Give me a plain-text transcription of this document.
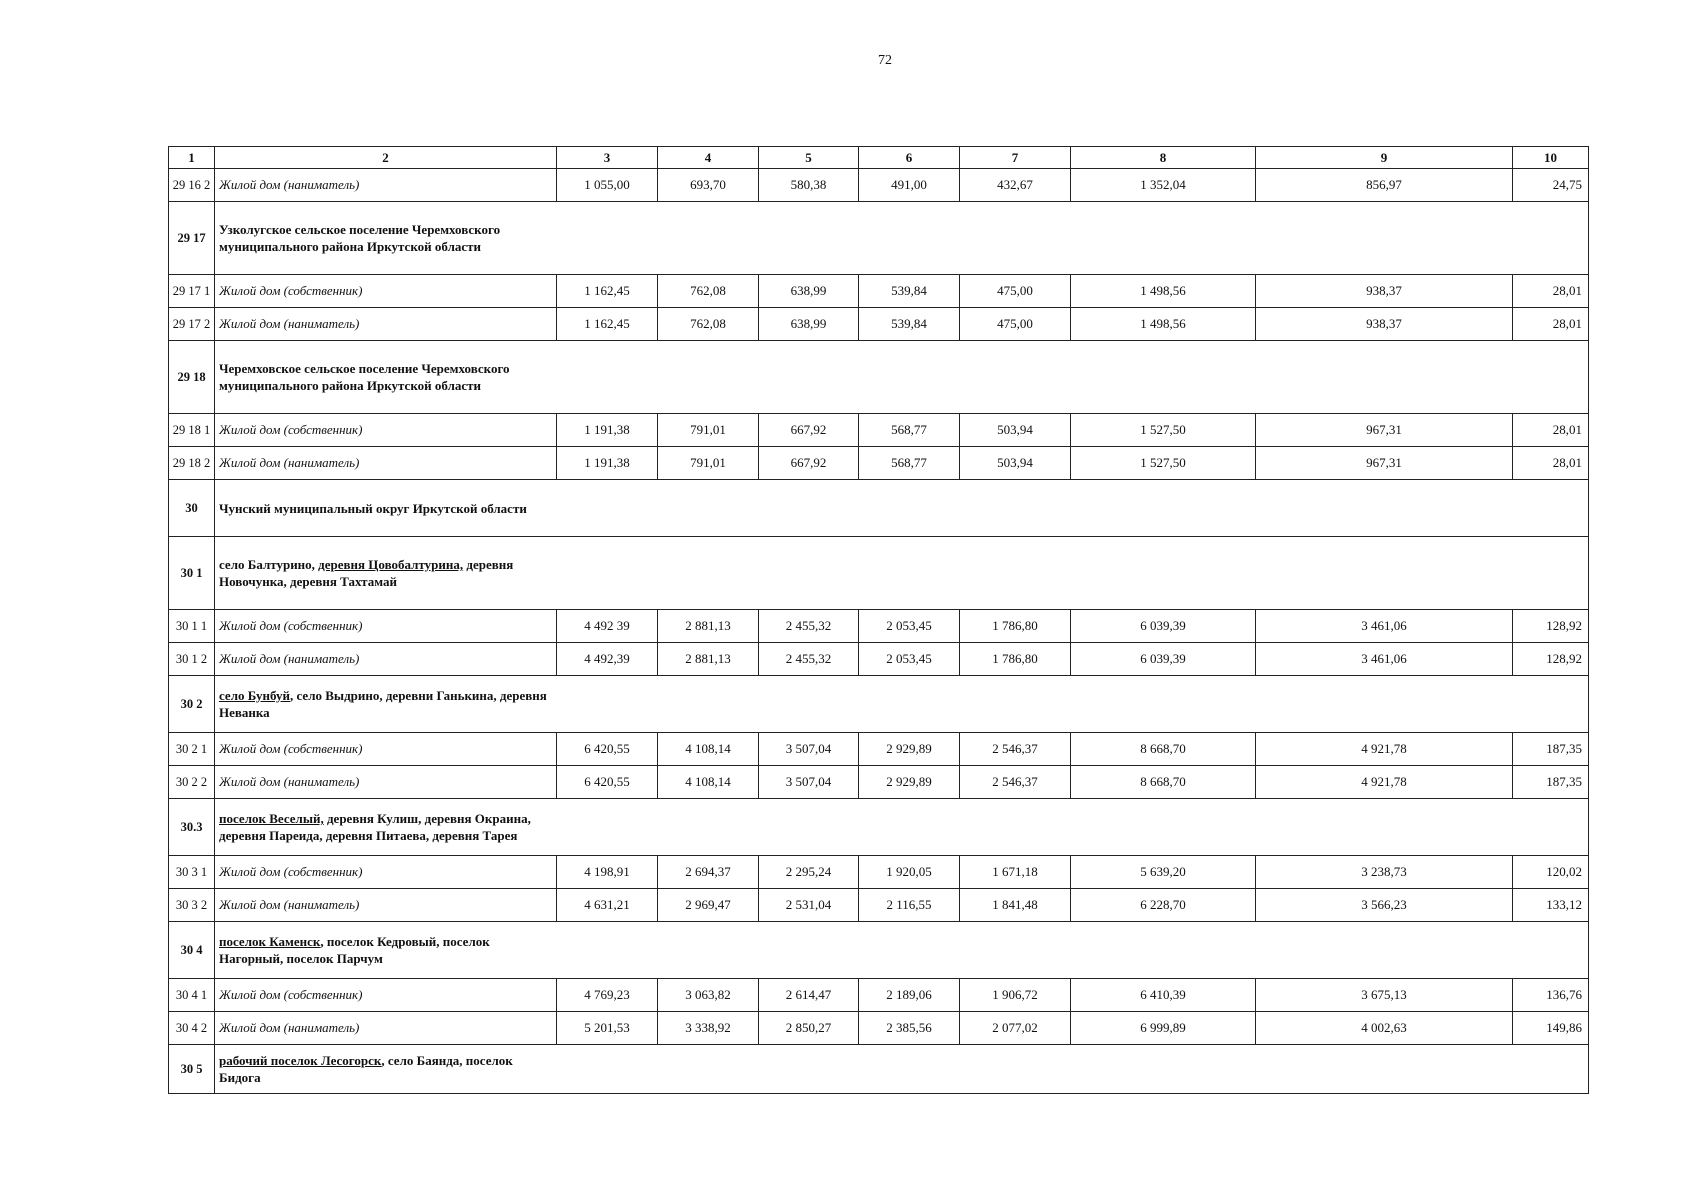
72
1	2	3	4	5	6	7	8	9	10
29 16 2	Жилой дом (наниматель)	1 055,00	693,70	580,38	491,00	432,67	1 352,04	856,97	24,75
29 17	Узколугское сельское поселение Черемховского муниципального района Иркутской области								
29 17 1	Жилой дом (собственник)	1 162,45	762,08	638,99	539,84	475,00	1 498,56	938,37	28,01
29 17 2	Жилой дом (наниматель)	1 162,45	762,08	638,99	539,84	475,00	1 498,56	938,37	28,01
29 18	Черемховское сельское поселение Черемховского муниципального района Иркутской области								
29 18 1	Жилой дом (собственник)	1 191,38	791,01	667,92	568,77	503,94	1 527,50	967,31	28,01
29 18 2	Жилой дом (наниматель)	1 191,38	791,01	667,92	568,77	503,94	1 527,50	967,31	28,01
30	Чунский муниципальный округ Иркутской области								
30 1	село Балтурино, деревня Цовобалтурина, деревня Новочунка, деревня Тахтамай								
30 1 1	Жилой дом (собственник)	4 492 39	2 881,13	2 455,32	2 053,45	1 786,80	6 039,39	3 461,06	128,92
30 1 2	Жилой дом (наниматель)	4 492,39	2 881,13	2 455,32	2 053,45	1 786,80	6 039,39	3 461,06	128,92
30 2	село Бунбуй, село Выдрино, деревни Ганькина, деревня Неванка								
30 2 1	Жилой дом (собственник)	6 420,55	4 108,14	3 507,04	2 929,89	2 546,37	8 668,70	4 921,78	187,35
30 2 2	Жилой дом (наниматель)	6 420,55	4 108,14	3 507,04	2 929,89	2 546,37	8 668,70	4 921,78	187,35
30.3	поселок Веселый, деревня Кулиш, деревня Окраина, деревня Пареида, деревня Питаева, деревня Тарея								
30 3 1	Жилой дом (собственник)	4 198,91	2 694,37	2 295,24	1 920,05	1 671,18	5 639,20	3 238,73	120,02
30 3 2	Жилой дом (наниматель)	4 631,21	2 969,47	2 531,04	2 116,55	1 841,48	6 228,70	3 566,23	133,12
30 4	поселок Каменск, поселок Кедровый, поселок Нагорный, поселок Парчум								
30 4 1	Жилой дом (собственник)	4 769,23	3 063,82	2 614,47	2 189,06	1 906,72	6 410,39	3 675,13	136,76
30 4 2	Жилой дом (наниматель)	5 201,53	3 338,92	2 850,27	2 385,56	2 077,02	6 999,89	4 002,63	149,86
30 5	рабочий поселок Лесогорск, село Баянда, поселок Бидога								
